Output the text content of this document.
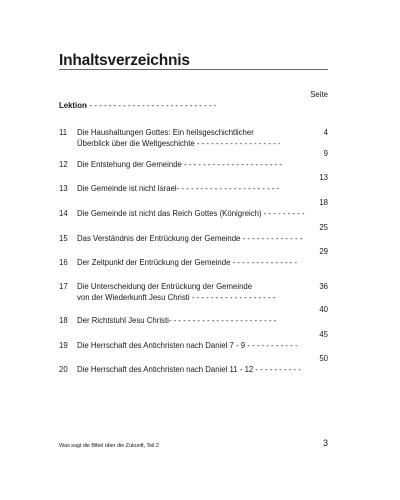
Inhaltsverzeichnis
Lektion
- - - - - - - - - - - - - - - - - - - - - - - - - - - -
Seite
11 Die Haushaltungen Gottes: Ein heilsgeschichtlicher
Überblick über die Weltgeschichte - - - - - - - - - - - - - - - - - -
4
12 Die Entstehung der Gemeinde - - - - - - - - - - - - - - - - - - - - -
9
13 Die Gemeinde ist nicht Israel- - - - - - - - - - - - - - - - - - - - - -
13
14 Die Gemeinde ist nicht das Reich Gottes (Königreich) - - - - - - - - -
18
15 Das Verständnis der Entrückung der Gemeinde - - - - - - - - - - - - -
25
16 Der Zeitpunkt der Entrückung der Gemeinde - - - - - - - - - - - - - -
29
17 Die Unterscheidung der Entrückung der Gemeinde
von der Wiederkunft Jesu Christi - - - - - - - - - - - - - - - - - -
36
18 Der Richtstuhl Jesu Christi- - - - - - - - - - - - - - - - - - - - - - -
40
19 Die Herrschaft des Antichristen nach Daniel 7 - 9 - - - - - - - - - - -
45
20 Die Herrschaft des Antichristen nach Daniel 11 - 12 - - - - - - - - - -
50
Was sagt die Bibel über die Zukunft, Teil 2	3
